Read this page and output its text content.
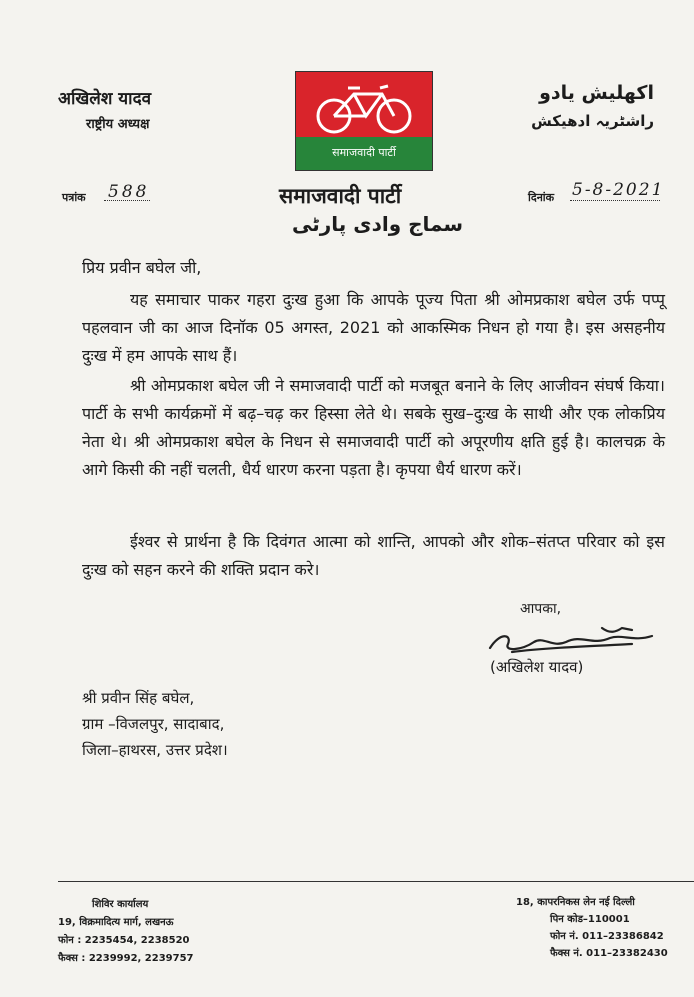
अखिलेश यादव
राष्ट्रीय अध्यक्ष
اکھلیش یادو
راشٹریہ ادھیکش
समाजवादी पार्टी
पत्रांक 588	समाजवादी पार्टी
سماج وادی پارٹی
दिनांक 5-8-2021
प्रिय प्रवीन बघेल जी,
यह समाचार पाकर गहरा दुःख हुआ कि आपके पूज्य पिता श्री ओमप्रकाश बघेल उर्फ पप्पू पहलवान जी का आज दिनॉक 05 अगस्त, 2021 को आकस्मिक निधन हो गया है। इस असहनीय दुःख में हम आपके साथ हैं।
श्री ओमप्रकाश बघेल जी ने समाजवादी पार्टी को मजबूत बनाने के लिए आजीवन संघर्ष किया। पार्टी के सभी कार्यक्रमों में बढ़–चढ़ कर हिस्सा लेते थे। सबके सुख–दुःख के साथी और एक लोकप्रिय नेता थे। श्री ओमप्रकाश बघेल के निधन से समाजवादी पार्टी को अपूरणीय क्षति हुई है। कालचक्र के आगे किसी की नहीं चलती, धैर्य धारण करना पड़ता है। कृपया धैर्य धारण करें।
ईश्वर से प्रार्थना है कि दिवंगत आत्मा को शान्ति, आपको और शोक–संतप्त परिवार को इस दुःख को सहन करने की शक्ति प्रदान करे।
आपका,
(अखिलेश यादव)
श्री प्रवीन सिंह बघेल,
ग्राम –विजलपुर, सादाबाद,
जिला–हाथरस, उत्तर प्रदेश।
शिविर कार्यालय
19, विक्रमादित्य मार्ग, लखनऊ
फोन : 2235454, 2238520
फैक्स : 2239992, 2239757
18, कापरनिकस लेन नई दिल्ली
पिन कोड–110001
फोन नं. 011–23386842
फैक्स नं. 011–23382430
